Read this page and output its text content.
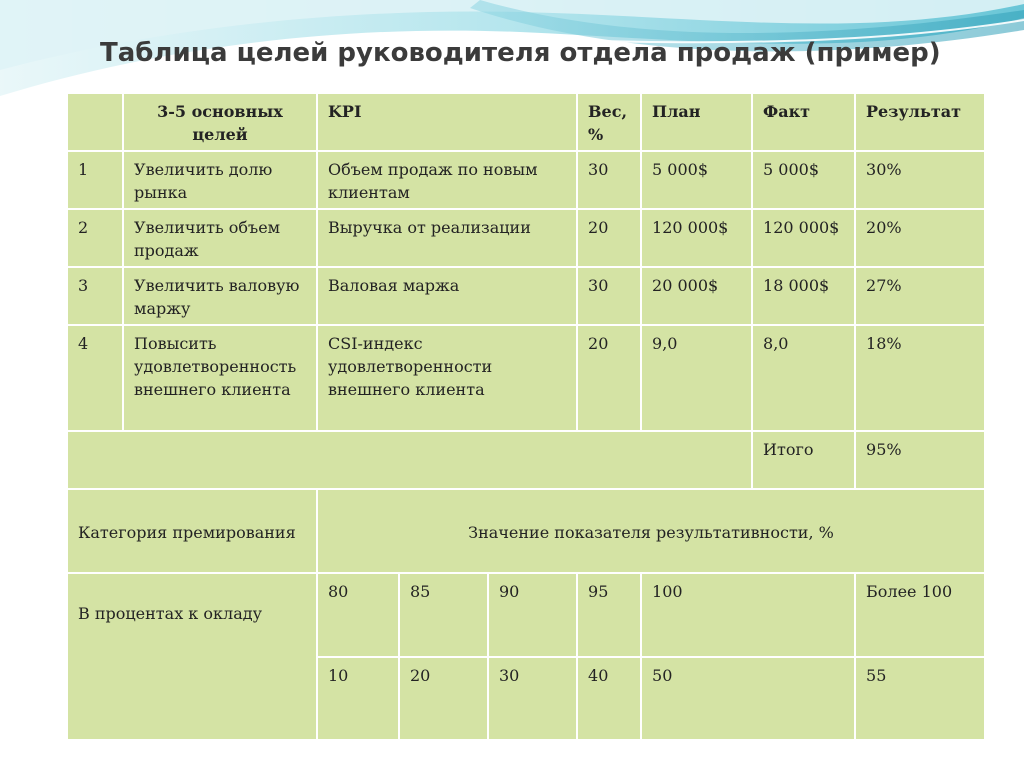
Таблица целей руководителя отдела продаж (пример)
	3-5 основных целей	KPI			Вес, %	План	Факт	Результат
1	Увеличить долю рынка	Объем продаж по новым клиентам			30	5 000$	5 000$	30%
2	Увеличить объем продаж	Выручка от реализации			20	120 000$	120 000$	20%
3	Увеличить валовую маржу	Валовая маржа			30	20 000$	18 000$	27%
4	Повысить удовлетворенность внешнего клиента	CSI-индекс удовлетворенности внешнего клиента			20	9,0	8,0	18%
							Итого	95%
Категория премирования		Значение показателя результативности, %						
В процентах к окладу		80	85	90	95	100		Более 100
		10	20	30	40	50		55
